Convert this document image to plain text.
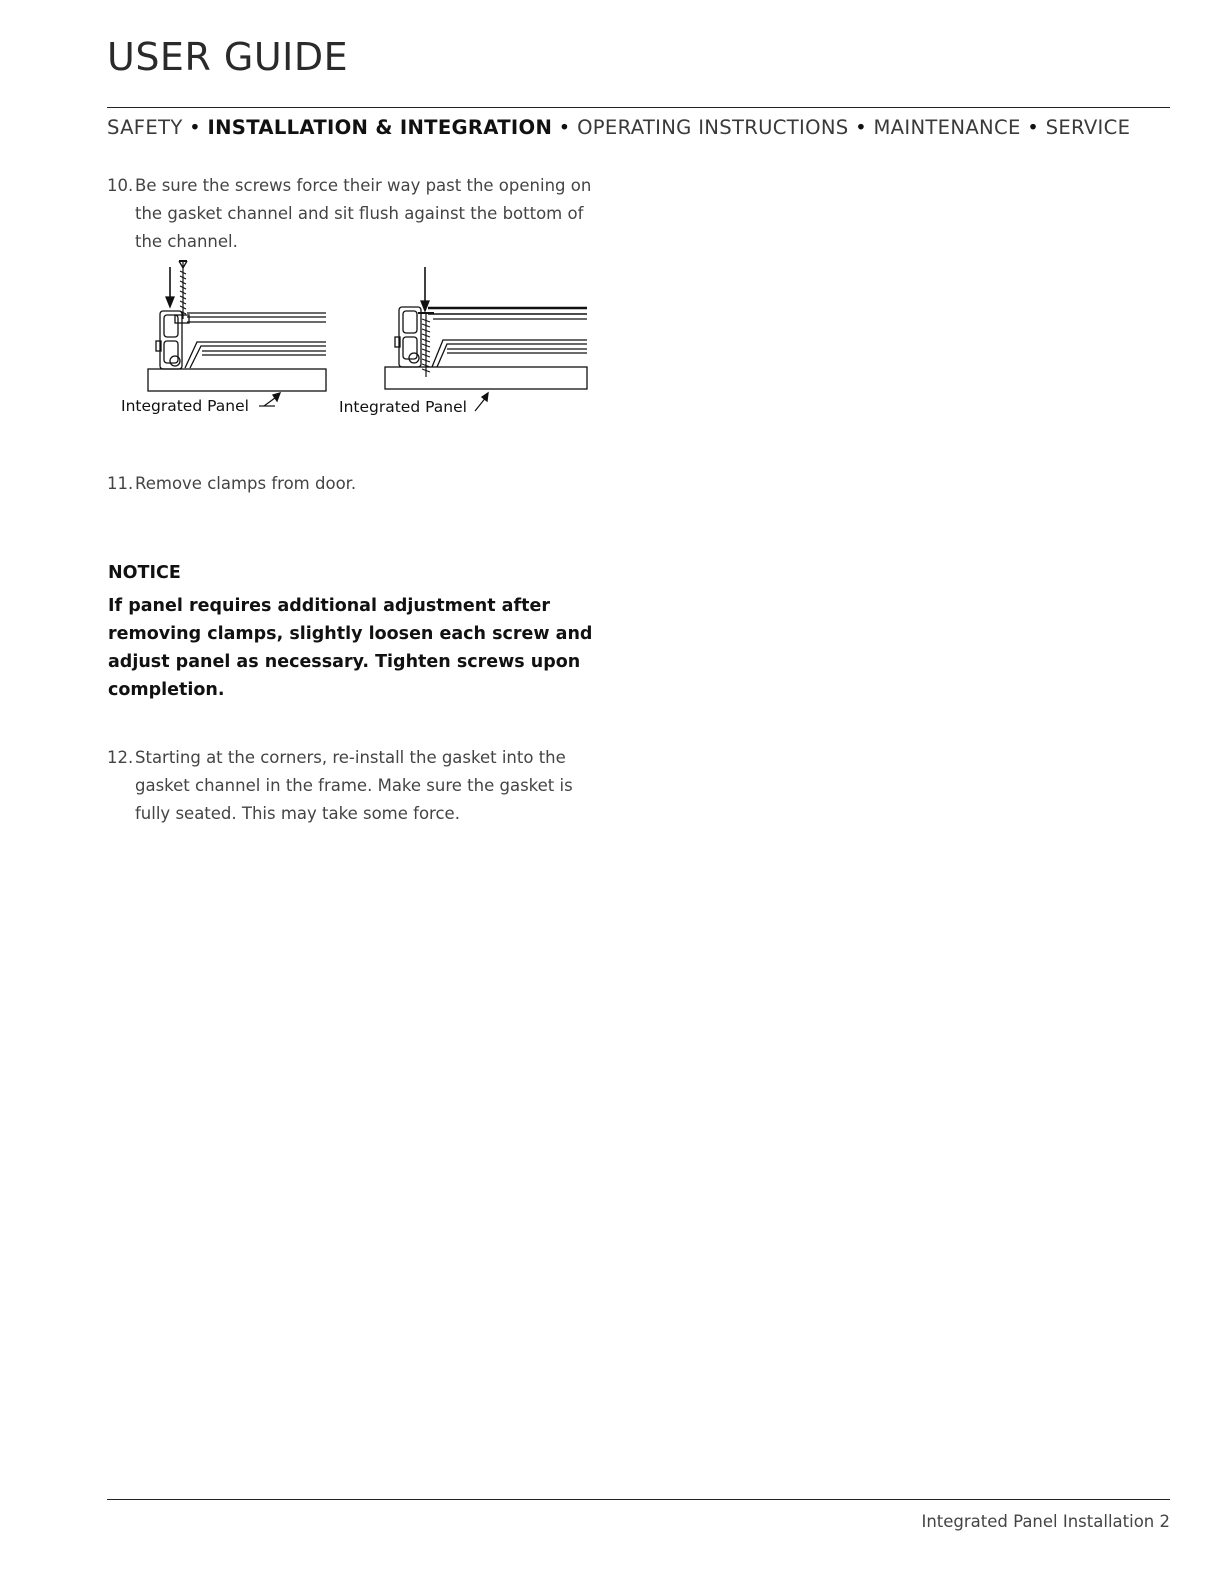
USER GUIDE
SAFETY • INSTALLATION & INTEGRATION • OPERATING INSTRUCTIONS • MAINTENANCE • SERVICE
10. Be sure the screws force their way past the opening on the gasket channel and sit flush against the bottom of the channel.
Integrated Panel	Integrated Panel
11. Remove clamps from door.
NOTICE
If panel requires additional adjustment after removing clamps, slightly loosen each screw and adjust panel as necessary. Tighten screws upon completion.
12. Starting at the corners, re-install the gasket into the gasket channel in the frame. Make sure the gasket is fully seated. This may take some force.
Integrated Panel Installation 2
